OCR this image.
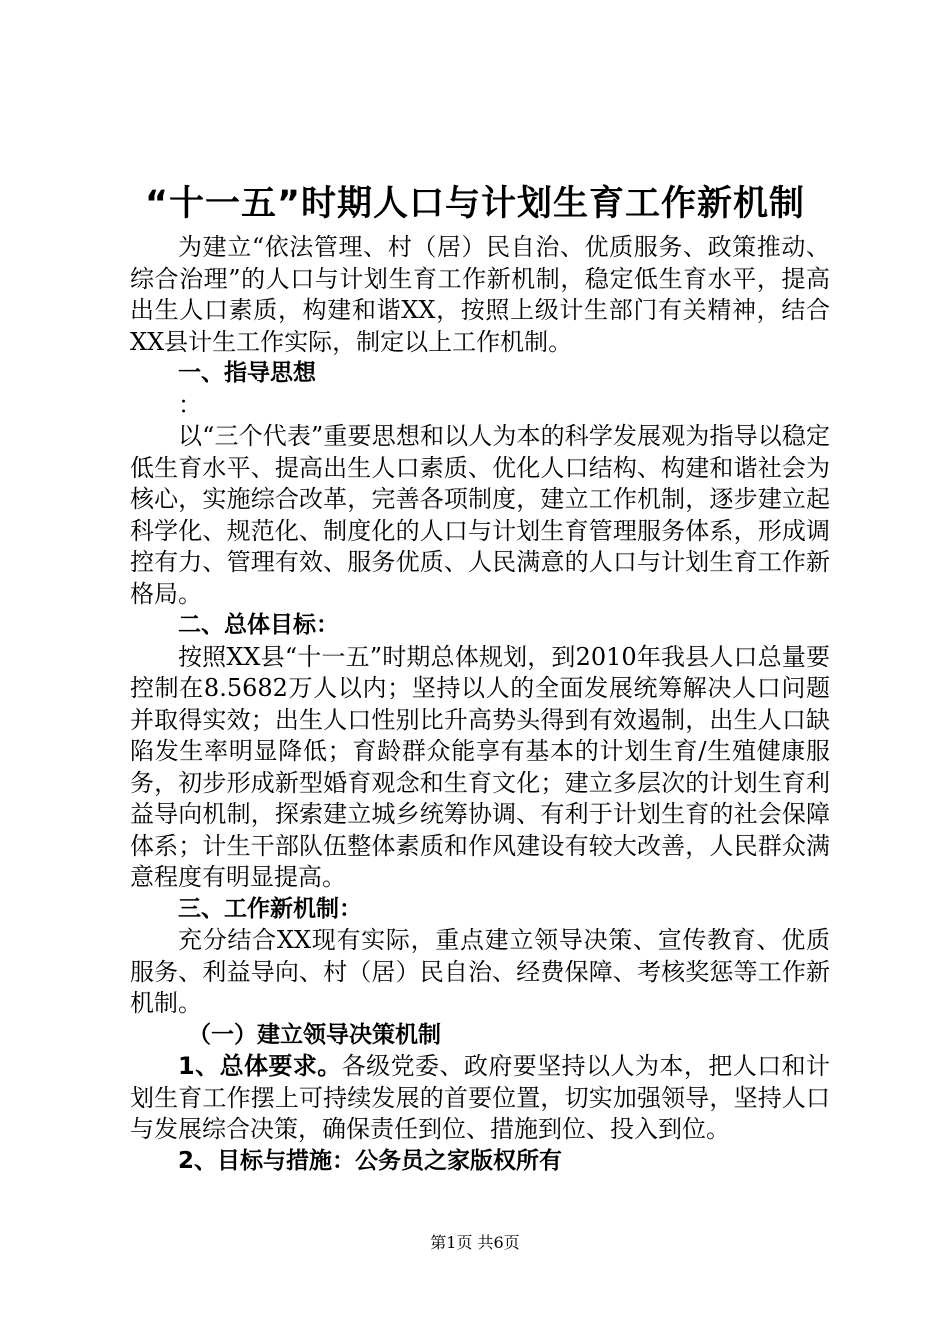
“十一五”时期人口与计划生育工作新机制

为建立“依法管理、村（居）民自治、优质服务、政策推动、综合治理”的人口与计划生育工作新机制，稳定低生育水平，提高出生人口素质，构建和谐XX，按照上级计生部门有关精神，结合XX县计生工作实际，制定以上工作机制。

一、指导思想

：

以“三个代表”重要思想和以人为本的科学发展观为指导以稳定低生育水平、提高出生人口素质、优化人口结构、构建和谐社会为核心，实施综合改革，完善各项制度，建立工作机制，逐步建立起科学化、规范化、制度化的人口与计划生育管理服务体系，形成调控有力、管理有效、服务优质、人民满意的人口与计划生育工作新格局。

二、总体目标：

按照XX县“十一五”时期总体规划，到2010年我县人口总量要控制在8.5682万人以内；坚持以人的全面发展统筹解决人口问题并取得实效；出生人口性别比升高势头得到有效遏制，出生人口缺陷发生率明显降低；育龄群众能享有基本的计划生育/生殖健康服务，初步形成新型婚育观念和生育文化；建立多层次的计划生育利益导向机制，探索建立城乡统筹协调、有利于计划生育的社会保障体系；计生干部队伍整体素质和作风建设有较大改善，人民群众满意程度有明显提高。

三、工作新机制：

充分结合XX现有实际，重点建立领导决策、宣传教育、优质服务、利益导向、村（居）民自治、经费保障、考核奖惩等工作新机制。

（一）建立领导决策机制

1、总体要求。各级党委、政府要坚持以人为本，把人口和计划生育工作摆上可持续发展的首要位置，切实加强领导，坚持人口与发展综合决策，确保责任到位、措施到位、投入到位。

2、目标与措施：公务员之家版权所有

第1页 共6页
